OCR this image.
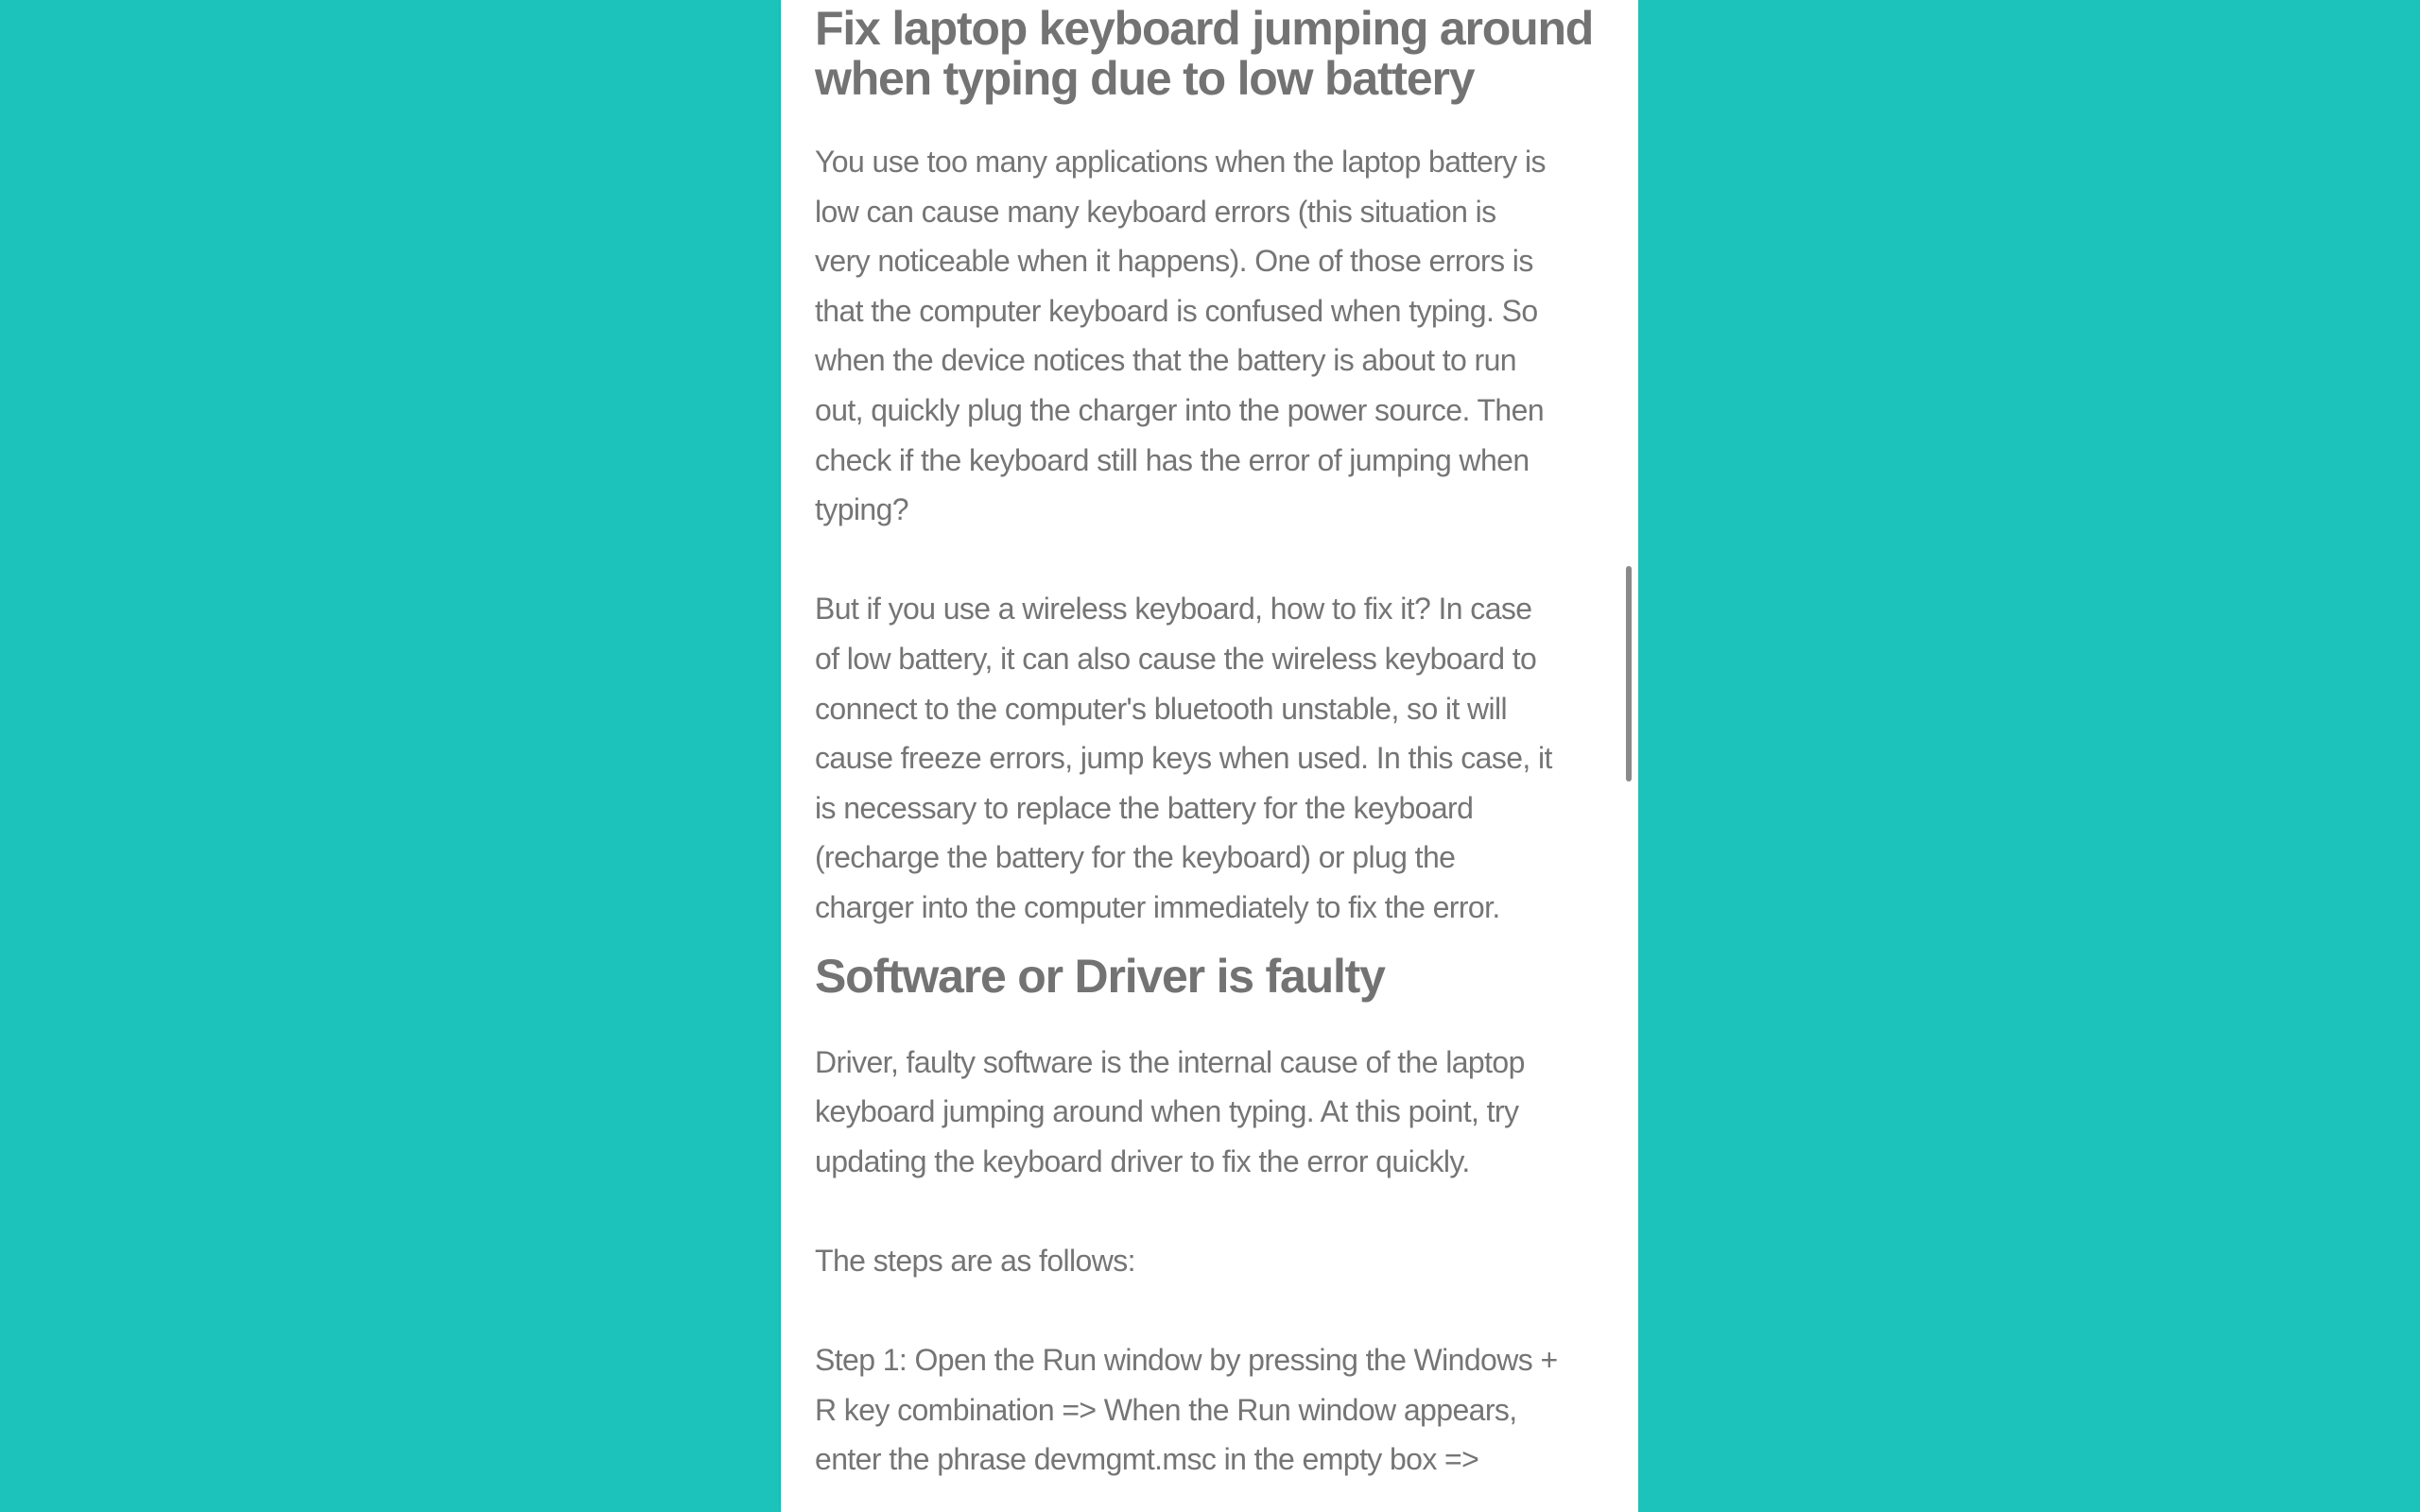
Fix laptop keyboard jumping around
when typing due to low battery
You use too many applications when the laptop battery is
low can cause many keyboard errors (this situation is
very noticeable when it happens). One of those errors is
that the computer keyboard is confused when typing. So
when the device notices that the battery is about to run
out, quickly plug the charger into the power source. Then
check if the keyboard still has the error of jumping when
typing?
But if you use a wireless keyboard, how to fix it? In case
of low battery, it can also cause the wireless keyboard to
connect to the computer's bluetooth unstable, so it will
cause freeze errors, jump keys when used. In this case, it
is necessary to replace the battery for the keyboard
(recharge the battery for the keyboard) or plug the
charger into the computer immediately to fix the error.
Software or Driver is faulty
Driver, faulty software is the internal cause of the laptop
keyboard jumping around when typing. At this point, try
updating the keyboard driver to fix the error quickly.
The steps are as follows:
Step 1: Open the Run window by pressing the Windows +
R key combination => When the Run window appears,
enter the phrase devmgmt.msc in the empty box =>
